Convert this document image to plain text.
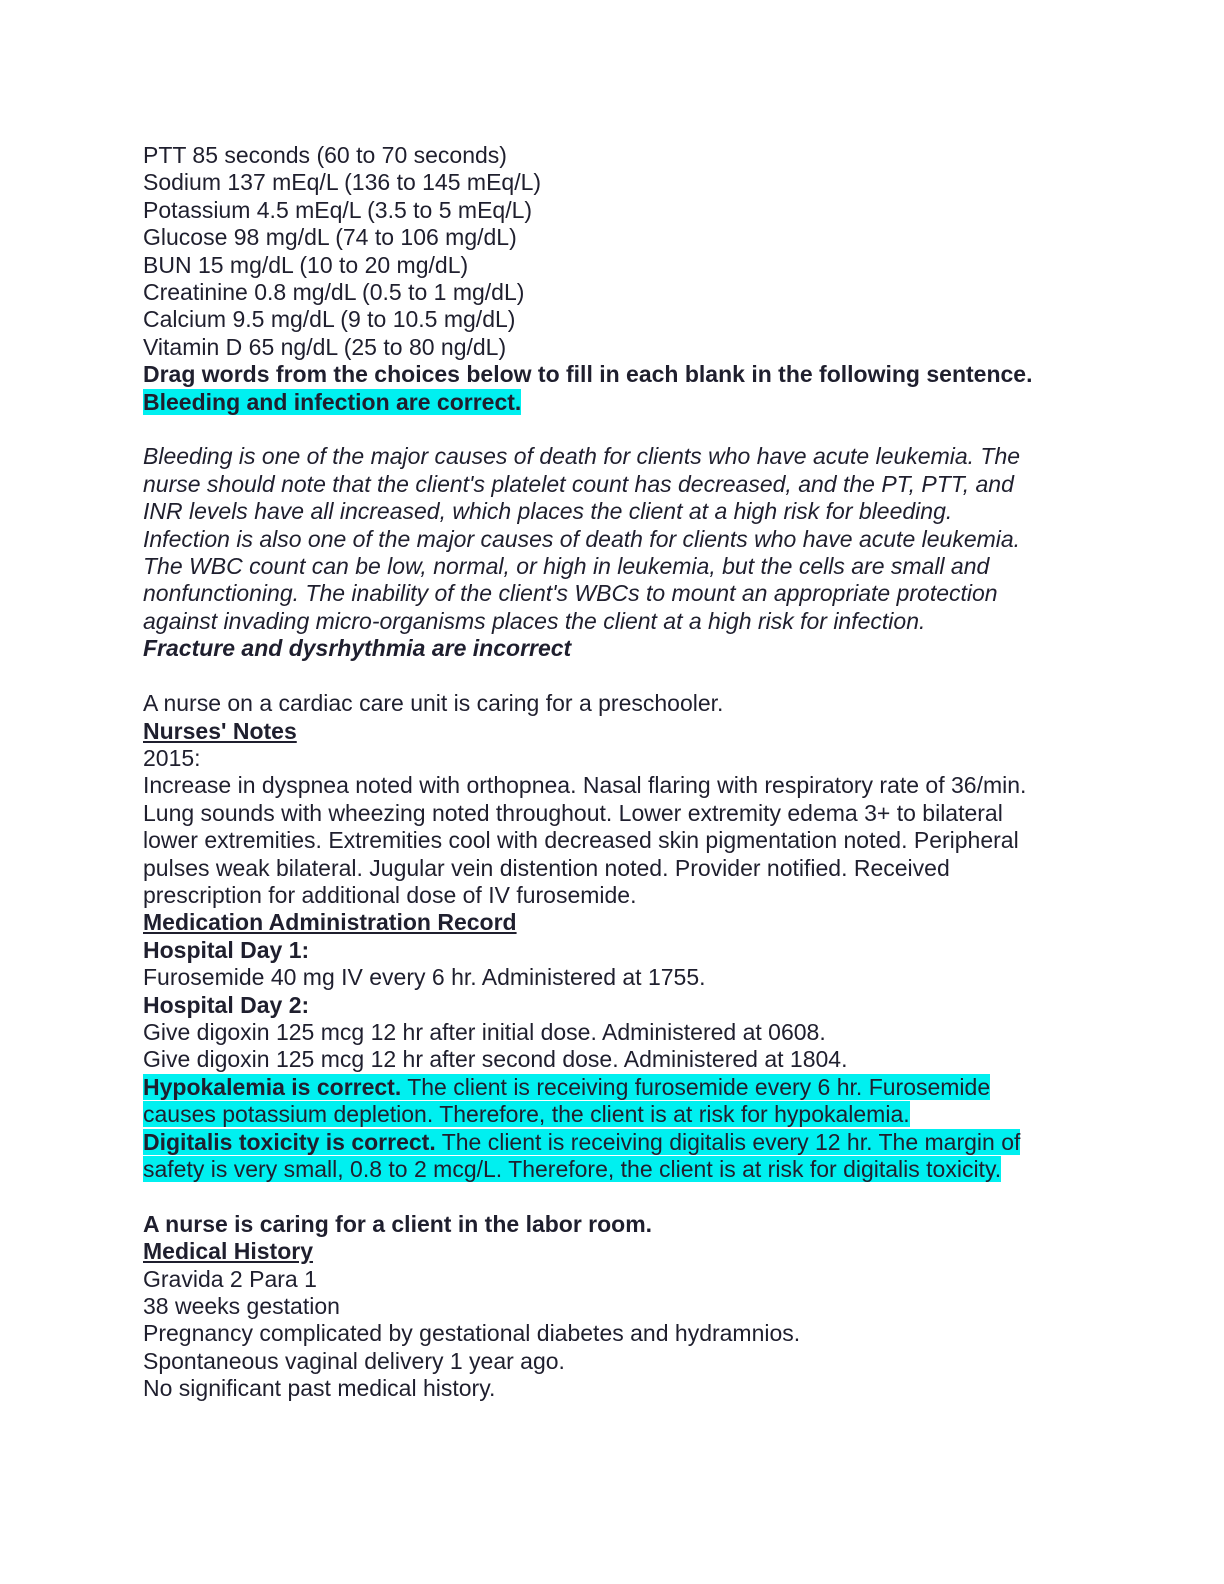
PTT 85 seconds (60 to 70 seconds)
Sodium 137 mEq/L (136 to 145 mEq/L)
Potassium 4.5 mEq/L (3.5 to 5 mEq/L)
Glucose 98 mg/dL (74 to 106 mg/dL)
BUN 15 mg/dL (10 to 20 mg/dL)
Creatinine 0.8 mg/dL (0.5 to 1 mg/dL)
Calcium 9.5 mg/dL (9 to 10.5 mg/dL)
Vitamin D 65 ng/dL (25 to 80 ng/dL)
Drag words from the choices below to fill in each blank in the following sentence.
Bleeding and infection are correct.
Bleeding is one of the major causes of death for clients who have acute leukemia. The
nurse should note that the client's platelet count has decreased, and the PT, PTT, and
INR levels have all increased, which places the client at a high risk for bleeding.
Infection is also one of the major causes of death for clients who have acute leukemia.
The WBC count can be low, normal, or high in leukemia, but the cells are small and
nonfunctioning. The inability of the client's WBCs to mount an appropriate protection
against invading micro-organisms places the client at a high risk for infection.
Fracture and dysrhythmia are incorrect
A nurse on a cardiac care unit is caring for a preschooler.
Nurses' Notes
2015:
Increase in dyspnea noted with orthopnea. Nasal flaring with respiratory rate of 36/min.
Lung sounds with wheezing noted throughout. Lower extremity edema 3+ to bilateral
lower extremities. Extremities cool with decreased skin pigmentation noted. Peripheral
pulses weak bilateral. Jugular vein distention noted. Provider notified. Received
prescription for additional dose of IV furosemide.
Medication Administration Record
Hospital Day 1:
Furosemide 40 mg IV every 6 hr. Administered at 1755.
Hospital Day 2:
Give digoxin 125 mcg 12 hr after initial dose. Administered at 0608.
Give digoxin 125 mcg 12 hr after second dose. Administered at 1804.
Hypokalemia is correct. The client is receiving furosemide every 6 hr. Furosemide
causes potassium depletion. Therefore, the client is at risk for hypokalemia.
Digitalis toxicity is correct. The client is receiving digitalis every 12 hr. The margin of
safety is very small, 0.8 to 2 mcg/L. Therefore, the client is at risk for digitalis toxicity.
A nurse is caring for a client in the labor room.
Medical History
Gravida 2 Para 1
38 weeks gestation
Pregnancy complicated by gestational diabetes and hydramnios.
Spontaneous vaginal delivery 1 year ago.
No significant past medical history.
